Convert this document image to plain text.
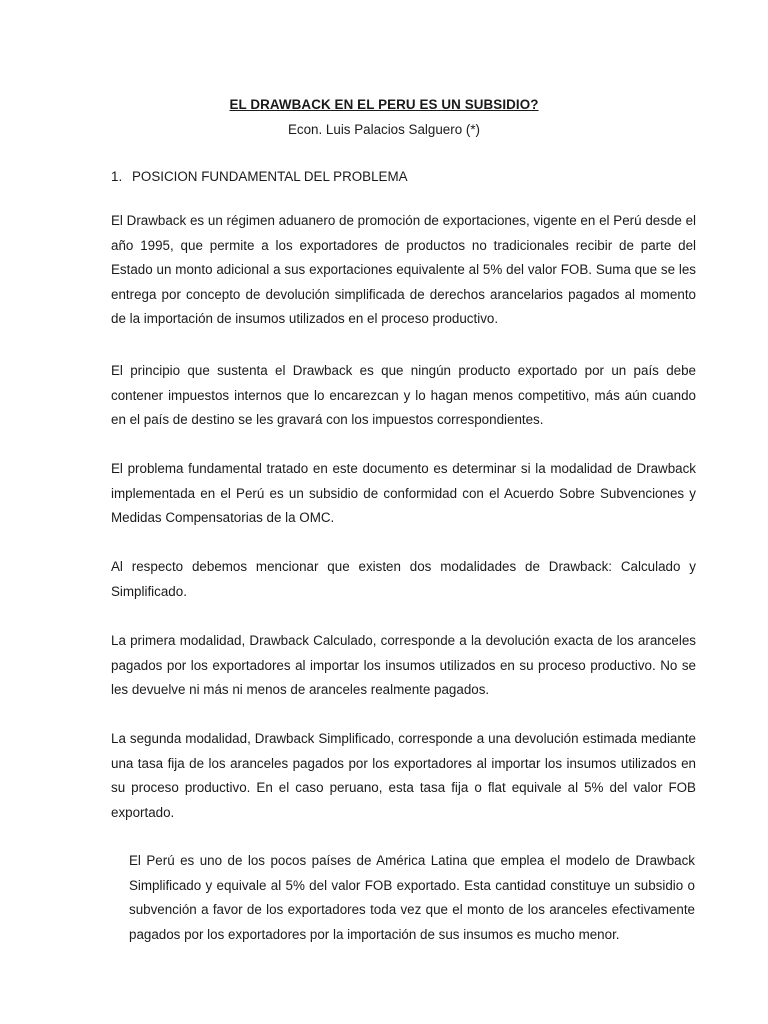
EL DRAWBACK EN EL PERU ES UN SUBSIDIO?
Econ. Luis Palacios Salguero (*)
1. POSICION FUNDAMENTAL DEL PROBLEMA

El Drawback es un régimen aduanero de promoción de exportaciones, vigente en el Perú desde el año 1995, que permite a los exportadores de productos no tradicionales recibir de parte del Estado un monto adicional a sus exportaciones equivalente al 5% del valor FOB. Suma que se les entrega por concepto de devolución simplificada de derechos arancelarios pagados al momento de la importación de insumos utilizados en el proceso productivo.

El principio que sustenta el Drawback es que ningún producto exportado por un país debe contener impuestos internos que lo encarezcan y lo hagan menos competitivo, más aún cuando en el país de destino se les gravará con los impuestos correspondientes.

El problema fundamental tratado en este documento es determinar si la modalidad de Drawback implementada en el Perú es un subsidio de conformidad con el Acuerdo Sobre Subvenciones y Medidas Compensatorias de la OMC.

Al respecto debemos mencionar que existen dos modalidades de Drawback: Calculado y Simplificado.

La primera modalidad, Drawback Calculado, corresponde a la devolución exacta de los aranceles pagados por los exportadores al importar los insumos utilizados en su proceso productivo. No se les devuelve ni más ni menos de aranceles realmente pagados.

La segunda modalidad, Drawback Simplificado, corresponde a una devolución estimada mediante una tasa fija de los aranceles pagados por los exportadores al importar los insumos utilizados en su proceso productivo. En el caso peruano, esta tasa fija o flat equivale al 5% del valor FOB exportado.

El Perú es uno de los pocos países de América Latina que emplea el modelo de Drawback Simplificado y equivale al 5% del valor FOB exportado. Esta cantidad constituye un subsidio o subvención a favor de los exportadores toda vez que el monto de los aranceles efectivamente pagados por los exportadores por la importación de sus insumos es mucho menor.
